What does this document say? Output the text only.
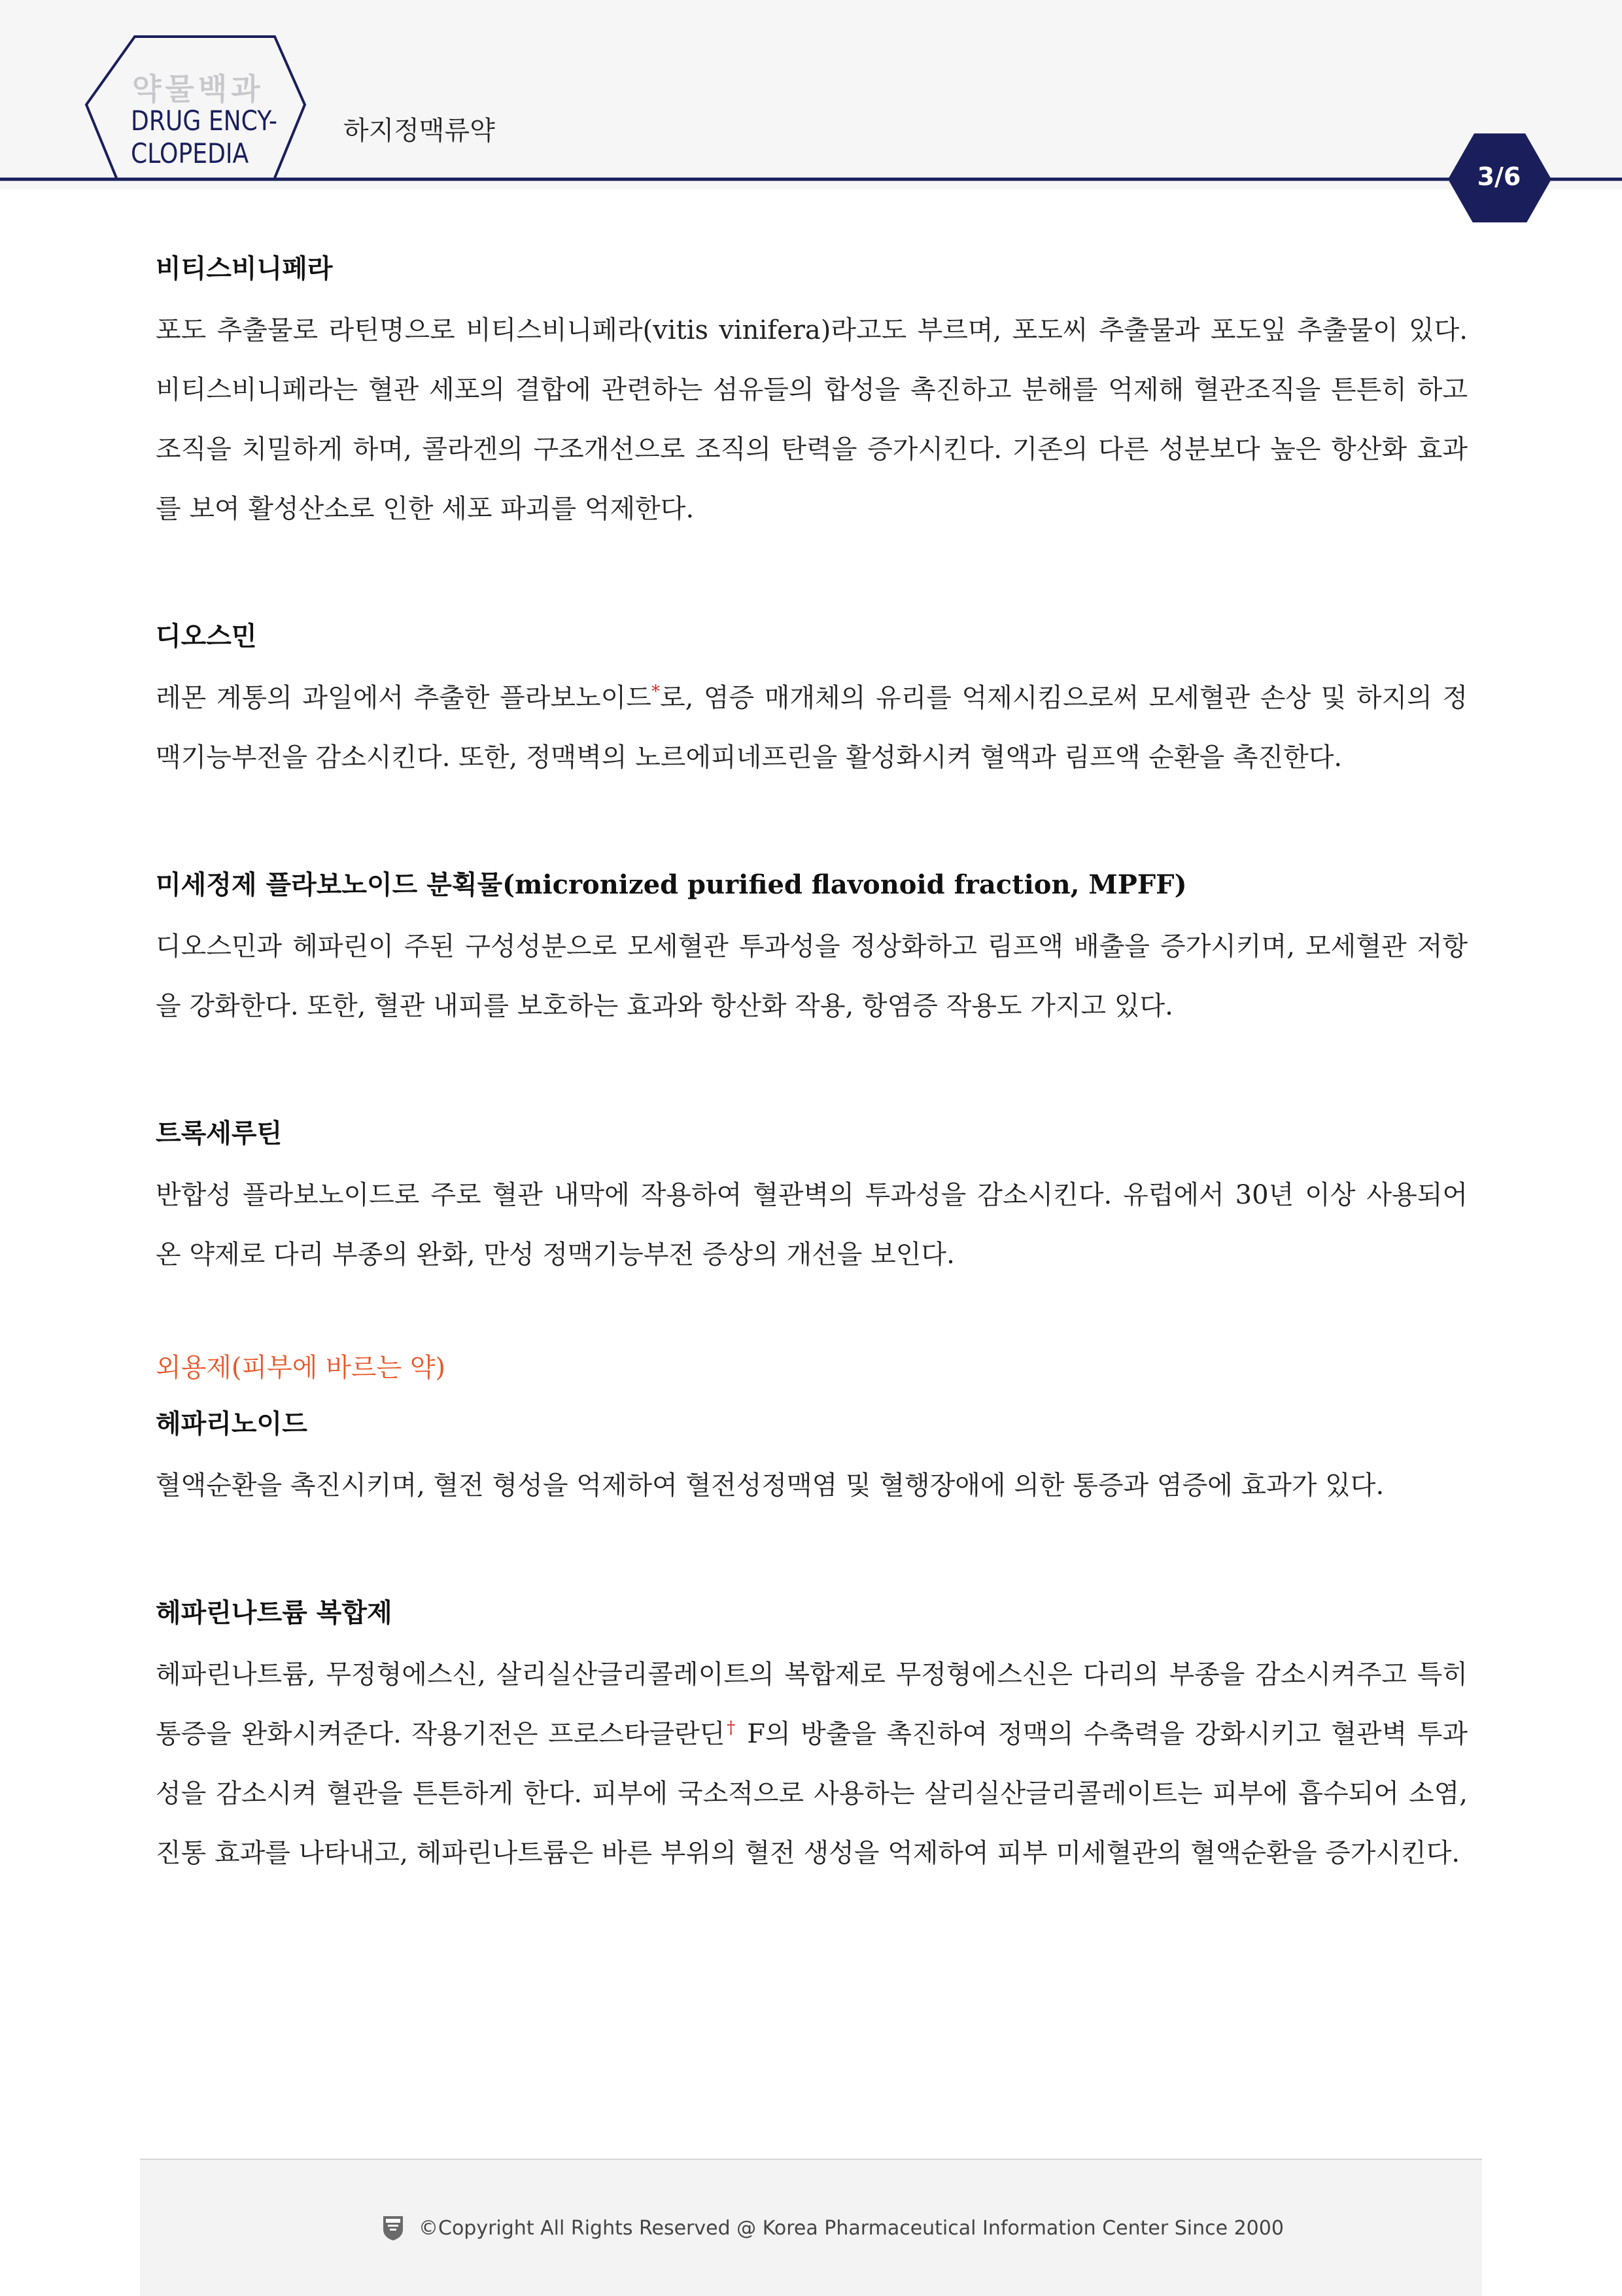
약물백과
DRUG ENCY-
CLOPEDIA
하지정맥류약
3/6
비티스비니페라

포도 추출물로 라틴명으로 비티스비니페라(vitis vinifera)라고도 부르며, 포도씨 추출물과 포도잎 추출물이 있다. 비티스비니페라는 혈관 세포의 결합에 관련하는 섬유들의 합성을 촉진하고 분해를 억제해 혈관조직을 튼튼히 하고 조직을 치밀하게 하며, 콜라겐의 구조개선으로 조직의 탄력을 증가시킨다. 기존의 다른 성분보다 높은 항산화 효과를 보여 활성산소로 인한 세포 파괴를 억제한다.

디오스민

레몬 계통의 과일에서 추출한 플라보노이드*로, 염증 매개체의 유리를 억제시킴으로써 모세혈관 손상 및 하지의 정맥기능부전을 감소시킨다. 또한, 정맥벽의 노르에피네프린을 활성화시켜 혈액과 림프액 순환을 촉진한다.

미세정제 플라보노이드 분획물(micronized purified flavonoid fraction, MPFF)

디오스민과 헤파린이 주된 구성성분으로 모세혈관 투과성을 정상화하고 림프액 배출을 증가시키며, 모세혈관 저항을 강화한다. 또한, 혈관 내피를 보호하는 효과와 항산화 작용, 항염증 작용도 가지고 있다.

트록세루틴

반합성 플라보노이드로 주로 혈관 내막에 작용하여 혈관벽의 투과성을 감소시킨다. 유럽에서 30년 이상 사용되어 온 약제로 다리 부종의 완화, 만성 정맥기능부전 증상의 개선을 보인다.

외용제(피부에 바르는 약)
헤파리노이드

혈액순환을 촉진시키며, 혈전 형성을 억제하여 혈전성정맥염 및 혈행장애에 의한 통증과 염증에 효과가 있다.

헤파린나트륨 복합제

헤파린나트륨, 무정형에스신, 살리실산글리콜레이트의 복합제로 무정형에스신은 다리의 부종을 감소시켜주고 특히 통증을 완화시켜준다. 작용기전은 프로스타글란딘† F의 방출을 촉진하여 정맥의 수축력을 강화시키고 혈관벽 투과성을 감소시켜 혈관을 튼튼하게 한다. 피부에 국소적으로 사용하는 살리실산글리콜레이트는 피부에 흡수되어 소염, 진통 효과를 나타내고, 헤파린나트륨은 바른 부위의 혈전 생성을 억제하여 피부 미세혈관의 혈액순환을 증가시킨다.

©Copyright All Rights Reserved @ Korea Pharmaceutical Information Center Since 2000
